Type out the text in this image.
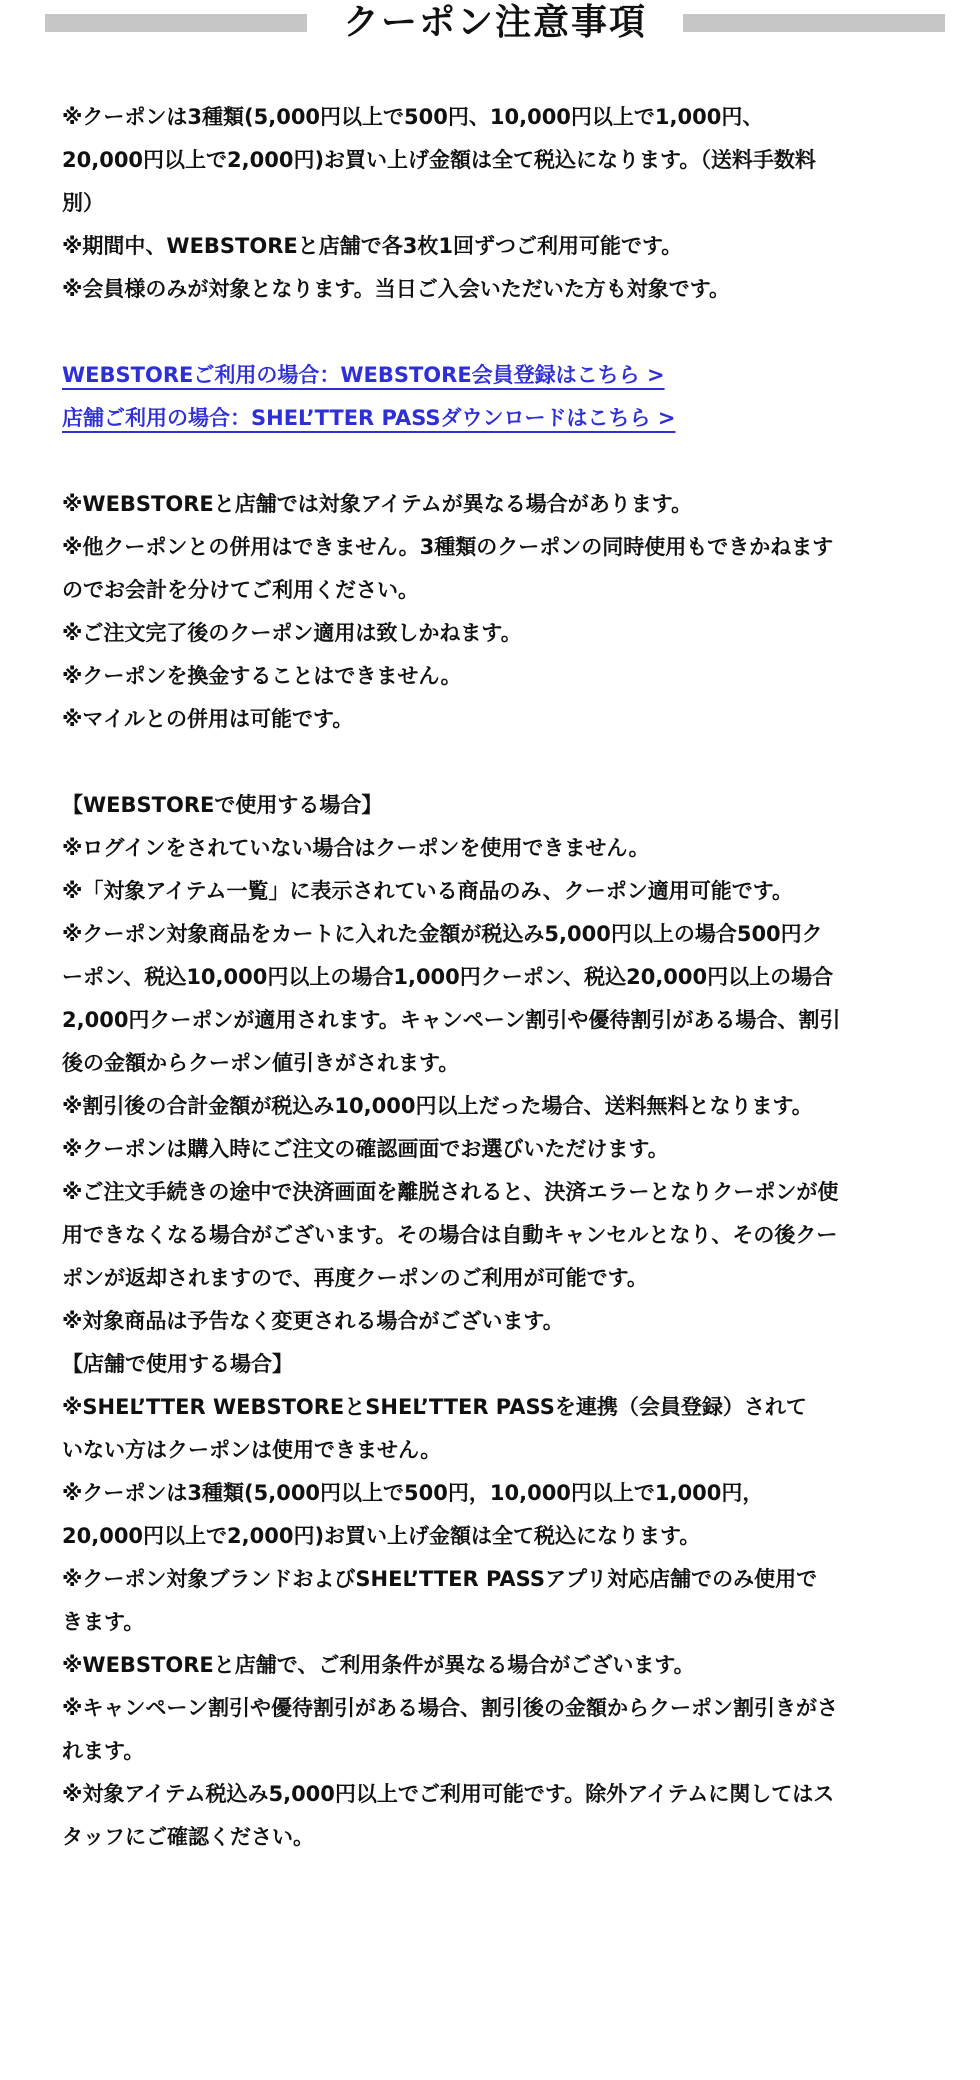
クーポン注意事項
※クーポンは3種類(5,000円以上で500円、10,000円以上で1,000円、
20,000円以上で2,000円)お買い上げ金額は全て税込になります。（送料手数料
別）
※期間中、WEBSTOREと店舗で各3枚1回ずつご利用可能です。
※会員様のみが対象となります。当日ご入会いただいた方も対象です。
WEBSTOREご利用の場合：WEBSTORE会員登録はこちら >
店舗ご利用の場合：SHEL’TTER PASSダウンロードはこちら >
※WEBSTOREと店舗では対象アイテムが異なる場合があります。
※他クーポンとの併用はできません。3種類のクーポンの同時使用もできかねます
のでお会計を分けてご利用ください。
※ご注文完了後のクーポン適用は致しかねます。
※クーポンを換金することはできません。
※マイルとの併用は可能です。
【WEBSTOREで使用する場合】
※ログインをされていない場合はクーポンを使用できません。
※「対象アイテム一覧」に表示されている商品のみ、クーポン適用可能です。
※クーポン対象商品をカートに入れた金額が税込み5,000円以上の場合500円ク
ーポン、税込10,000円以上の場合1,000円クーポン、税込20,000円以上の場合
2,000円クーポンが適用されます。キャンペーン割引や優待割引がある場合、割引
後の金額からクーポン値引きがされます。
※割引後の合計金額が税込み10,000円以上だった場合、送料無料となります。
※クーポンは購入時にご注文の確認画面でお選びいただけます。
※ご注文手続きの途中で決済画面を離脱されると、決済エラーとなりクーポンが使
用できなくなる場合がございます。その場合は自動キャンセルとなり、その後クー
ポンが返却されますので、再度クーポンのご利用が可能です。
※対象商品は予告なく変更される場合がございます。
【店舗で使用する場合】
※SHEL’TTER WEBSTOREとSHEL’TTER PASSを連携（会員登録）されて
いない方はクーポンは使用できません。
※クーポンは3種類(5,000円以上で500円，10,000円以上で1,000円，
20,000円以上で2,000円)お買い上げ金額は全て税込になります。
※クーポン対象ブランドおよびSHEL’TTER PASSアプリ対応店舗でのみ使用で
きます。
※WEBSTOREと店舗で、ご利用条件が異なる場合がございます。
※キャンペーン割引や優待割引がある場合、割引後の金額からクーポン割引きがさ
れます。
※対象アイテム税込み5,000円以上でご利用可能です。除外アイテムに関してはス
タッフにご確認ください。
